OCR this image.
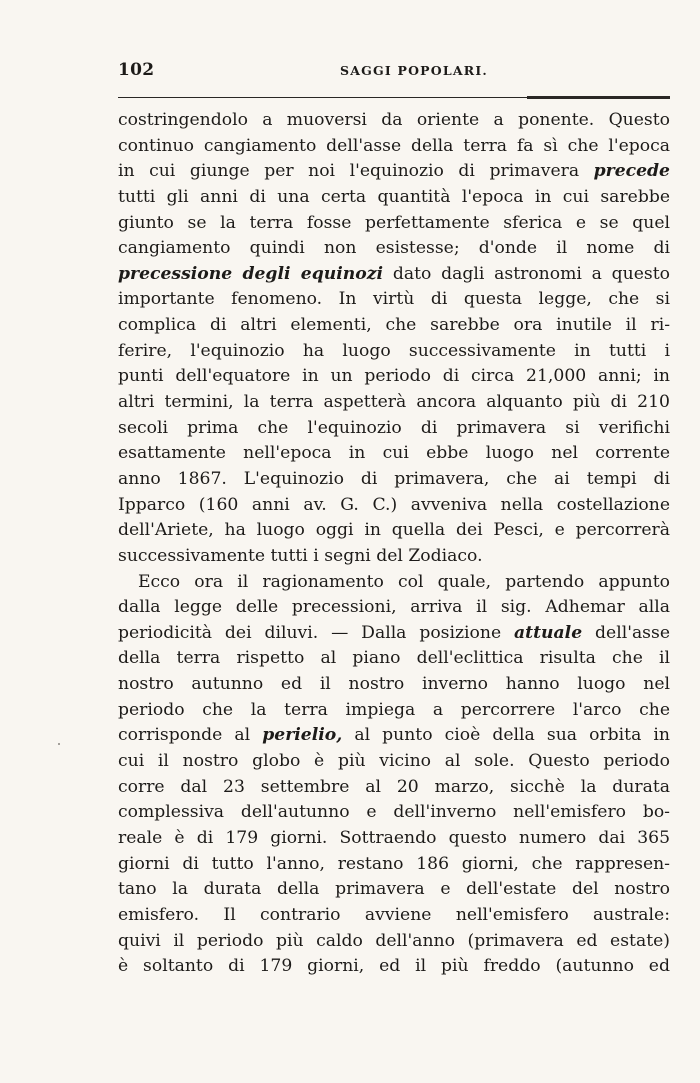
102	SAGGI POPOLARI.
costringendolo a muoversi da oriente a ponente. Questo
continuo cangiamento dell'asse della terra fa sì che l'epoca
in cui giunge per noi l'equinozio di primavera precede
tutti gli anni di una certa quantità l'epoca in cui sarebbe
giunto se la terra fosse perfettamente sferica e se quel
cangiamento quindi non esistesse; d'onde il nome di
precessione degli equinozi dato dagli astronomi a questo
importante fenomeno. In virtù di questa legge, che si
complica di altri elementi, che sarebbe ora inutile il ri-
ferire, l'equinozio ha luogo successivamente in tutti i
punti dell'equatore in un periodo di circa 21,000 anni; in
altri termini, la terra aspetterà ancora alquanto più di 210
secoli prima che l'equinozio di primavera si verifichi
esattamente nell'epoca in cui ebbe luogo nel corrente
anno 1867. L'equinozio di primavera, che ai tempi di
Ipparco (160 anni av. G. C.) avveniva nella costellazione
dell'Ariete, ha luogo oggi in quella dei Pesci, e percorrerà
successivamente tutti i segni del Zodiaco.
Ecco ora il ragionamento col quale, partendo appunto
dalla legge delle precessioni, arriva il sig. Adhemar alla
periodicità dei diluvi. — Dalla posizione attuale dell'asse
della terra rispetto al piano dell'eclittica risulta che il
nostro autunno ed il nostro inverno hanno luogo nel
periodo che la terra impiega a percorrere l'arco che
corrisponde al perielio, al punto cioè della sua orbita in
cui il nostro globo è più vicino al sole. Questo periodo
corre dal 23 settembre al 20 marzo, sicchè la durata
complessiva dell'autunno e dell'inverno nell'emisfero bo-
reale è di 179 giorni. Sottraendo questo numero dai 365
giorni di tutto l'anno, restano 186 giorni, che rappresen-
tano la durata della primavera e dell'estate del nostro
emisfero. Il contrario avviene nell'emisfero australe:
quivi il periodo più caldo dell'anno (primavera ed estate)
è soltanto di 179 giorni, ed il più freddo (autunno ed
